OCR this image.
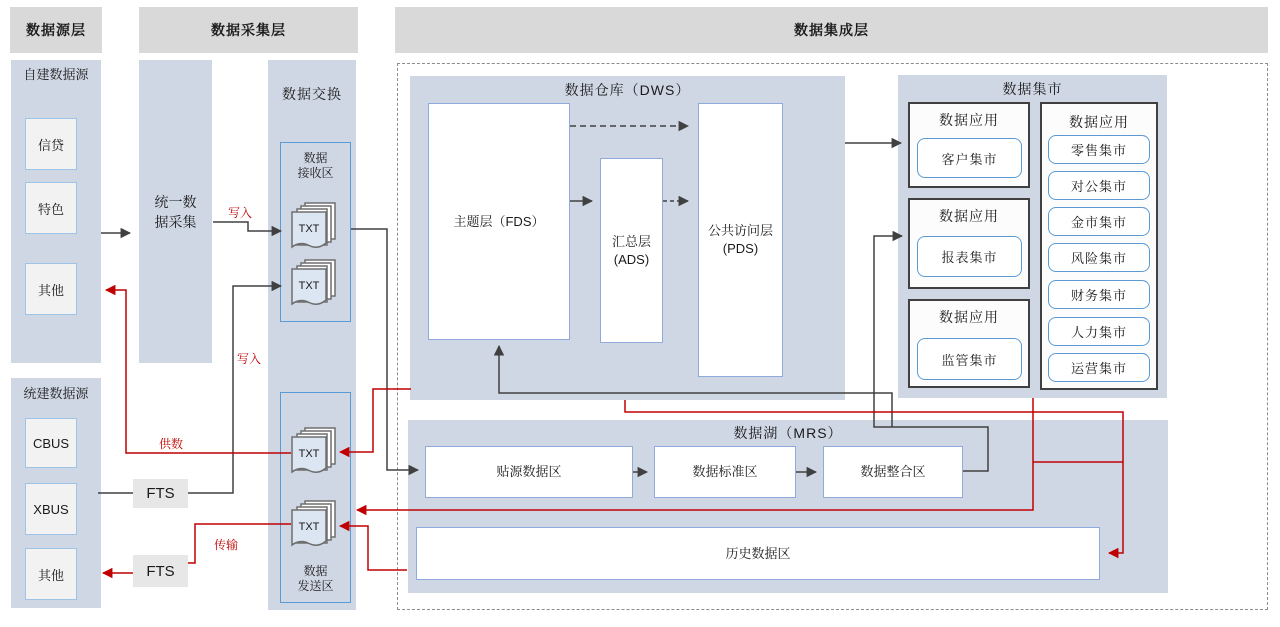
数据源层	数据采集层	数据集成层
自建数据源
信贷
特色
其他
统建数据源
CBUS
XBUS
其他
统一数
据采集
FTS
FTS
数据交换
数据
接收区
数据
发送区
TXT
TXT
TXT
TXT
数据仓库（DWS）
主题层（FDS）
汇总层
(ADS)
公共访问层
(PDS)
数据集市
数据应用
客户集市
数据应用
报表集市
数据应用
监管集市
数据应用
零售集市
对公集市
金市集市
风险集市
财务集市
人力集市
运营集市
数据湖（MRS）
贴源数据区	数据标准区	数据整合区
历史数据区
写入
写入
供数
传输
